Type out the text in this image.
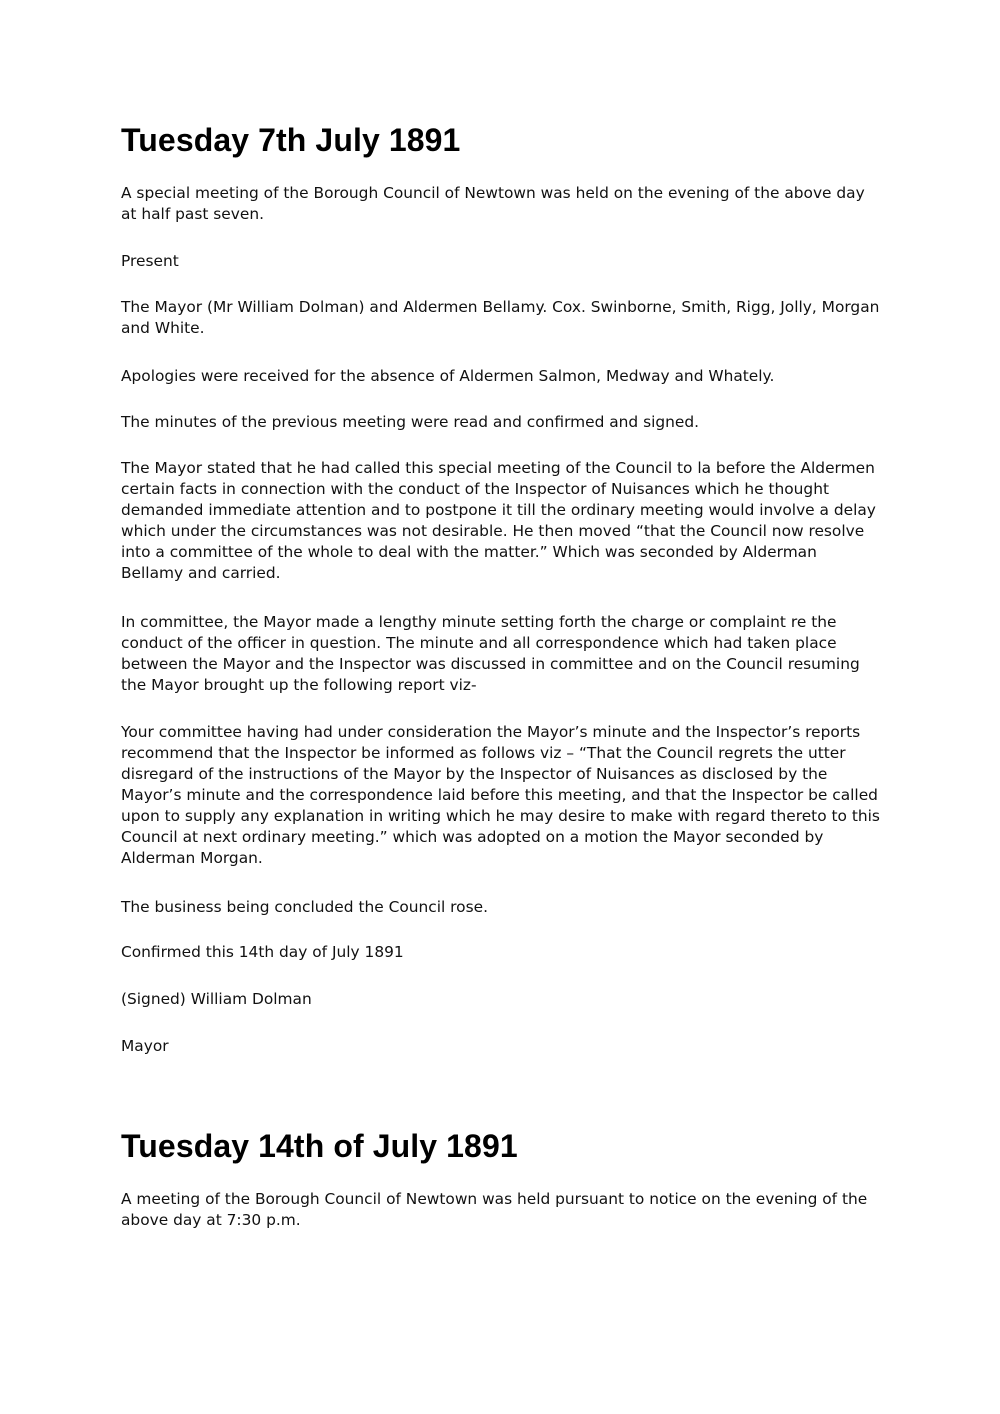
Tuesday 7th July 1891

A special meeting of the Borough Council of Newtown was held on the evening of the above day at half past seven.

Present

The Mayor (Mr William Dolman) and Aldermen Bellamy. Cox. Swinborne, Smith, Rigg, Jolly, Morgan and White.

Apologies were received for the absence of Aldermen Salmon, Medway and Whately.

The minutes of the previous meeting were read and confirmed and signed.

The Mayor stated that he had called this special meeting of the Council to la before the Aldermen certain facts in connection with the conduct of the Inspector of Nuisances which he thought demanded immediate attention and to postpone it till the ordinary meeting would involve a delay which under the circumstances was not desirable. He then moved “that the Council now resolve into a committee of the whole to deal with the matter.” Which was seconded by Alderman Bellamy and carried.

In committee, the Mayor made a lengthy minute setting forth the charge or complaint re the conduct of the officer in question. The minute and all correspondence which had taken place between the Mayor and the Inspector was discussed in committee and on the Council resuming the Mayor brought up the following report viz-

Your committee having had under consideration the Mayor’s minute and the Inspector’s reports recommend that the Inspector be informed as follows viz – “That the Council regrets the utter disregard of the instructions of the Mayor by the Inspector of Nuisances as disclosed by the Mayor’s minute and the correspondence laid before this meeting, and that the Inspector be called upon to supply any explanation in writing which he may desire to make with regard thereto to this Council at next ordinary meeting.” which was adopted on a motion the Mayor seconded by Alderman Morgan.

The business being concluded the Council rose.

Confirmed this 14th day of July 1891

(Signed) William Dolman

Mayor

Tuesday 14th of July 1891

A meeting of the Borough Council of Newtown was held pursuant to notice on the evening of the above day at 7:30 p.m.
